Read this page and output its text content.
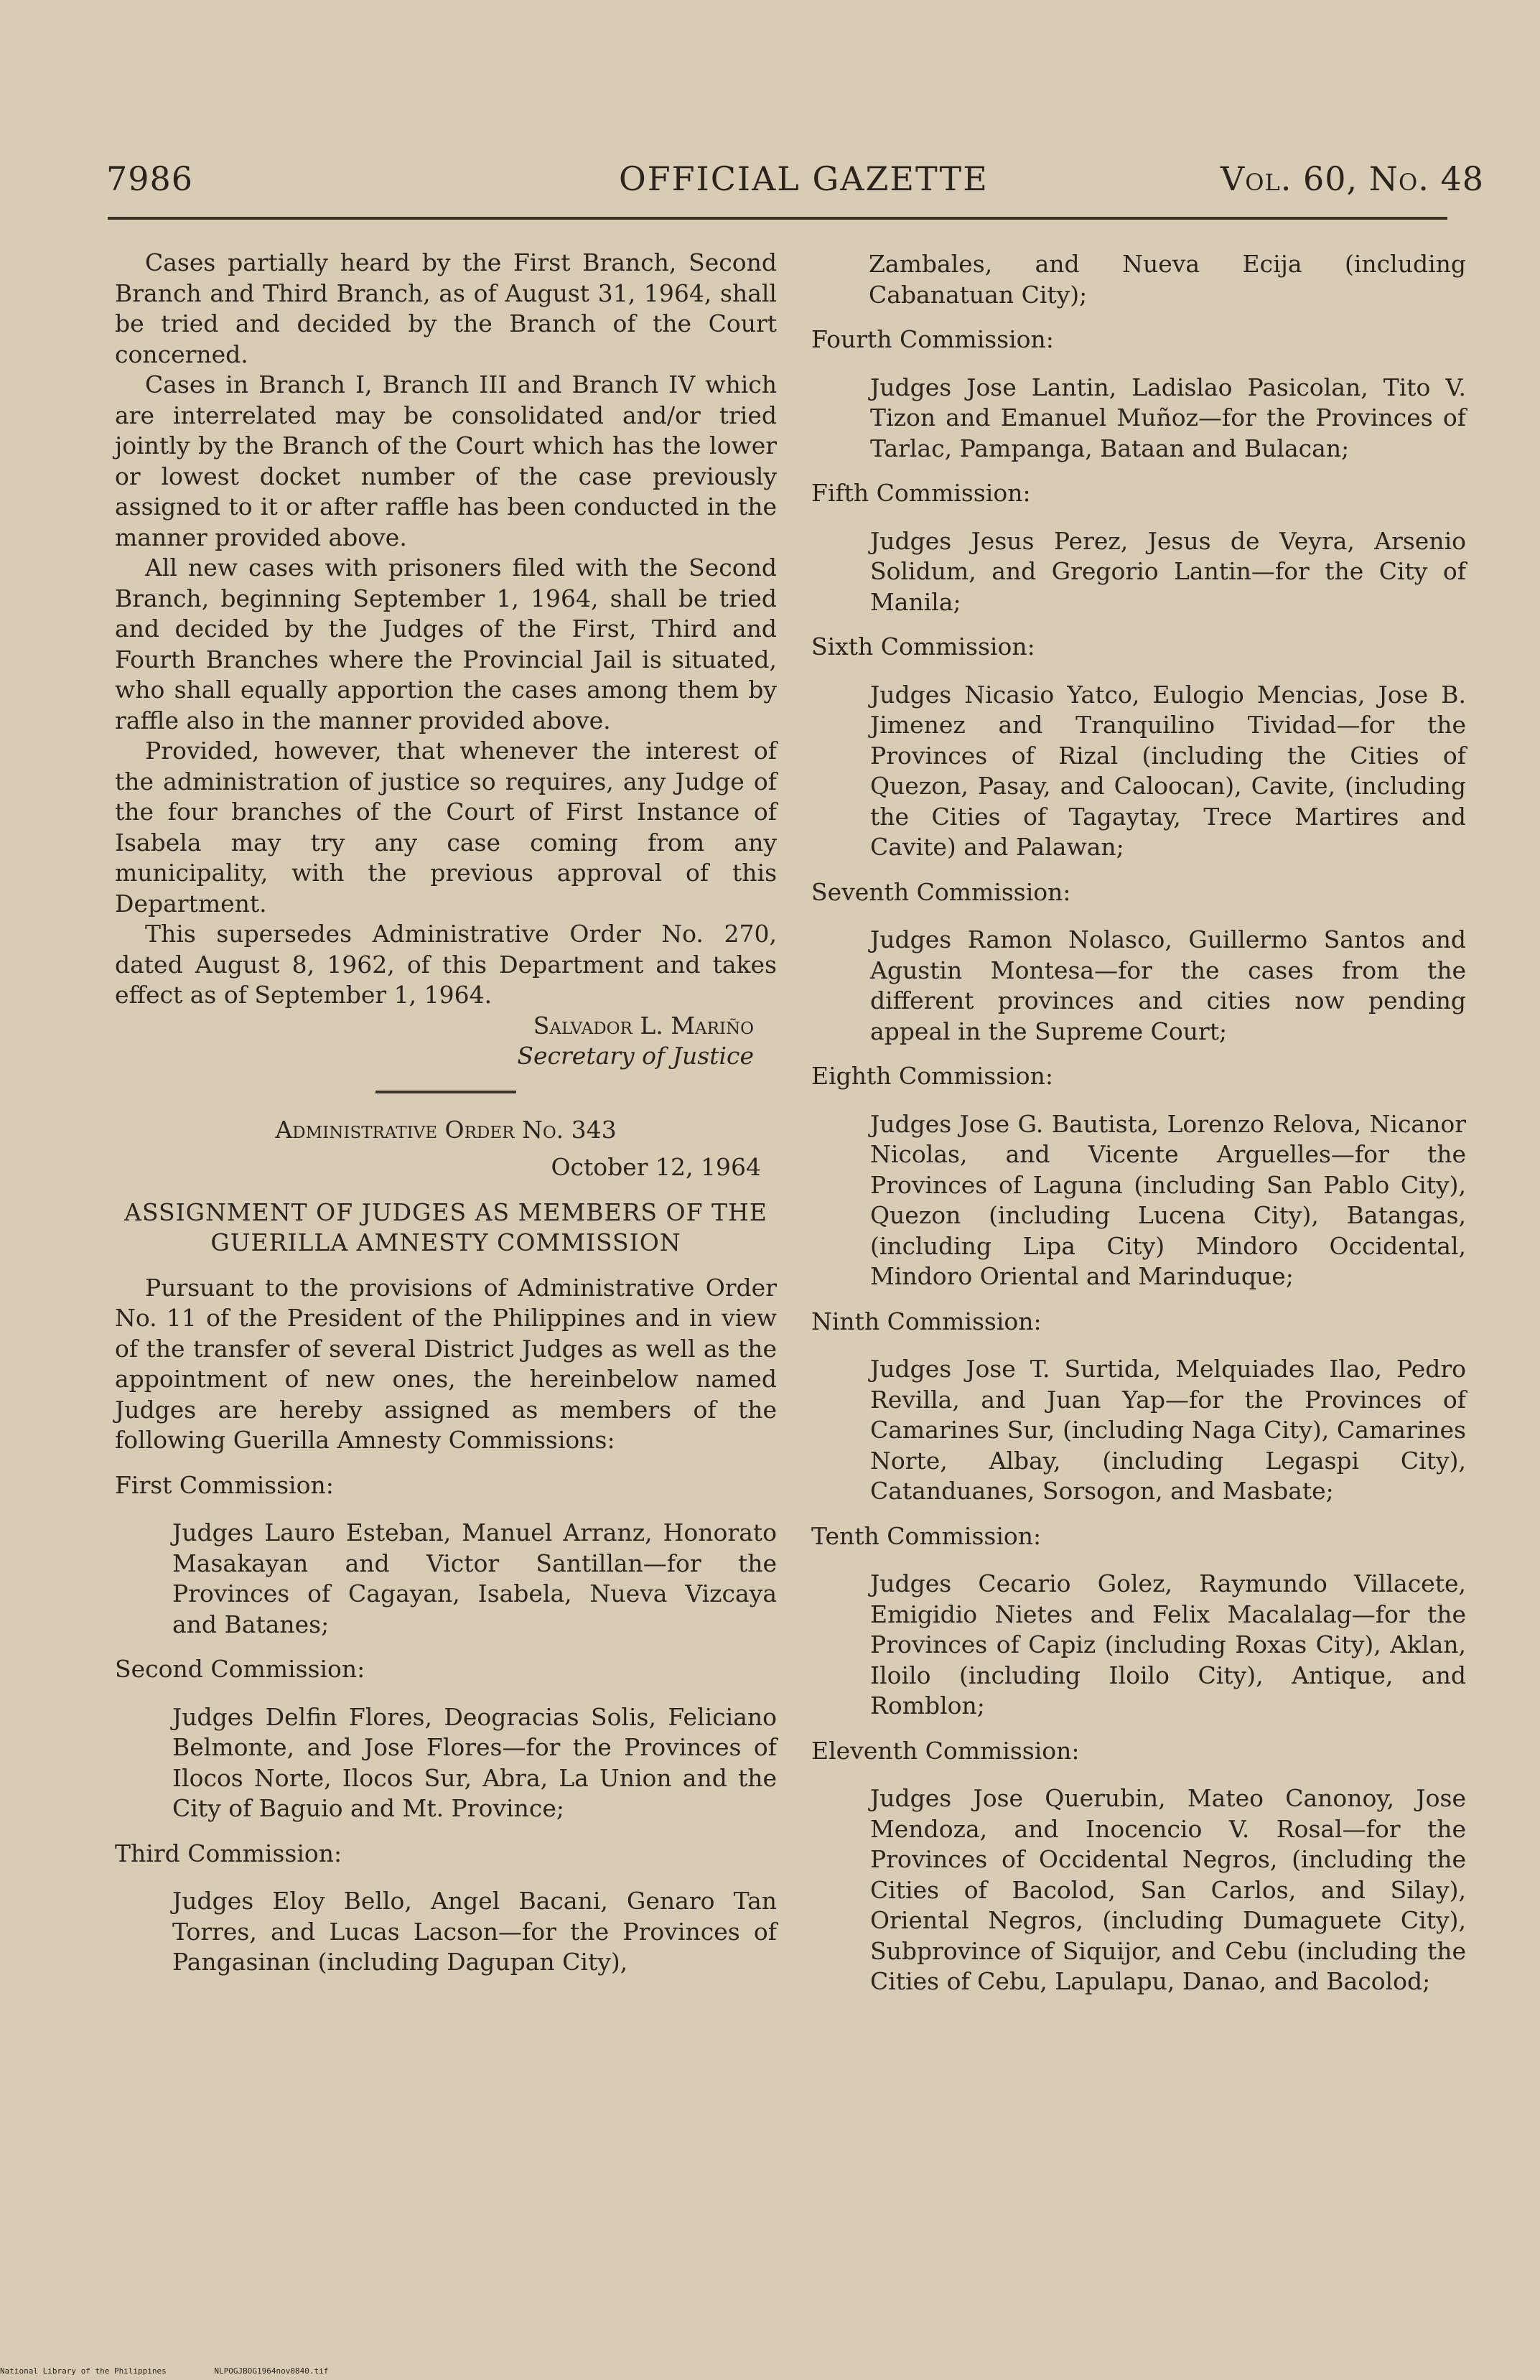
7986	OFFICIAL GAZETTE	Vol. 60, No. 48

Cases partially heard by the First Branch, Second Branch and Third Branch, as of August 31, 1964, shall be tried and decided by the Branch of the Court concerned.

Cases in Branch I, Branch III and Branch IV which are interrelated may be consolidated and/or tried jointly by the Branch of the Court which has the lower or lowest docket number of the case previously assigned to it or after raffle has been conducted in the manner provided above.

All new cases with prisoners filed with the Second Branch, beginning September 1, 1964, shall be tried and decided by the Judges of the First, Third and Fourth Branches where the Provincial Jail is situated, who shall equally apportion the cases among them by raffle also in the manner provided above.

Provided, however, that whenever the interest of the administration of justice so requires, any Judge of the four branches of the Court of First Instance of Isabela may try any case coming from any municipality, with the previous approval of this Department.

This supersedes Administrative Order No. 270, dated August 8, 1962, of this Department and takes effect as of September 1, 1964.

Salvador L. Mariño
Secretary of Justice
Administrative Order No. 343
October 12, 1964
ASSIGNMENT OF JUDGES AS MEMBERS OF THE GUERILLA AMNESTY COMMISSION

Pursuant to the provisions of Administrative Order No. 11 of the President of the Philippines and in view of the transfer of several District Judges as well as the appointment of new ones, the hereinbelow named Judges are hereby assigned as members of the following Guerilla Amnesty Commissions:

First Commission:

Judges Lauro Esteban, Manuel Arranz, Honorato Masakayan and Victor Santillan—for the Provinces of Cagayan, Isabela, Nueva Vizcaya and Batanes;

Second Commission:

Judges Delfin Flores, Deogracias Solis, Feliciano Belmonte, and Jose Flores—for the Provinces of Ilocos Norte, Ilocos Sur, Abra, La Union and the City of Baguio and Mt. Province;

Third Commission:

Judges Eloy Bello, Angel Bacani, Genaro Tan Torres, and Lucas Lacson—for the Provinces of Pangasinan (including Dagupan City),

Zambales, and Nueva Ecija (including Cabanatuan City);

Fourth Commission:

Judges Jose Lantin, Ladislao Pasicolan, Tito V. Tizon and Emanuel Muñoz—for the Provinces of Tarlac, Pampanga, Bataan and Bulacan;

Fifth Commission:

Judges Jesus Perez, Jesus de Veyra, Arsenio Solidum, and Gregorio Lantin—for the City of Manila;

Sixth Commission:

Judges Nicasio Yatco, Eulogio Mencias, Jose B. Jimenez and Tranquilino Tividad—for the Provinces of Rizal (including the Cities of Quezon, Pasay, and Caloocan), Cavite, (including the Cities of Tagaytay, Trece Martires and Cavite) and Palawan;

Seventh Commission:

Judges Ramon Nolasco, Guillermo Santos and Agustin Montesa—for the cases from the different provinces and cities now pending appeal in the Supreme Court;

Eighth Commission:

Judges Jose G. Bautista, Lorenzo Relova, Nicanor Nicolas, and Vicente Arguelles—for the Provinces of Laguna (including San Pablo City), Quezon (including Lucena City), Batangas, (including Lipa City) Mindoro Occidental, Mindoro Oriental and Marinduque;

Ninth Commission:

Judges Jose T. Surtida, Melquiades Ilao, Pedro Revilla, and Juan Yap—for the Provinces of Camarines Sur, (including Naga City), Camarines Norte, Albay, (including Legaspi City), Catanduanes, Sorsogon, and Masbate;

Tenth Commission:

Judges Cecario Golez, Raymundo Villacete, Emigidio Nietes and Felix Macalalag—for the Provinces of Capiz (including Roxas City), Aklan, Iloilo (including Iloilo City), Antique, and Romblon;

Eleventh Commission:

Judges Jose Querubin, Mateo Canonoy, Jose Mendoza, and Inocencio V. Rosal—for the Provinces of Occidental Negros, (including the Cities of Bacolod, San Carlos, and Silay), Oriental Negros, (including Dumaguete City), Subprovince of Siquijor, and Cebu (including the Cities of Cebu, Lapulapu, Danao, and Bacolod;

National Library of the Philippines	NLPOGJBOG1964nov0840.tif
